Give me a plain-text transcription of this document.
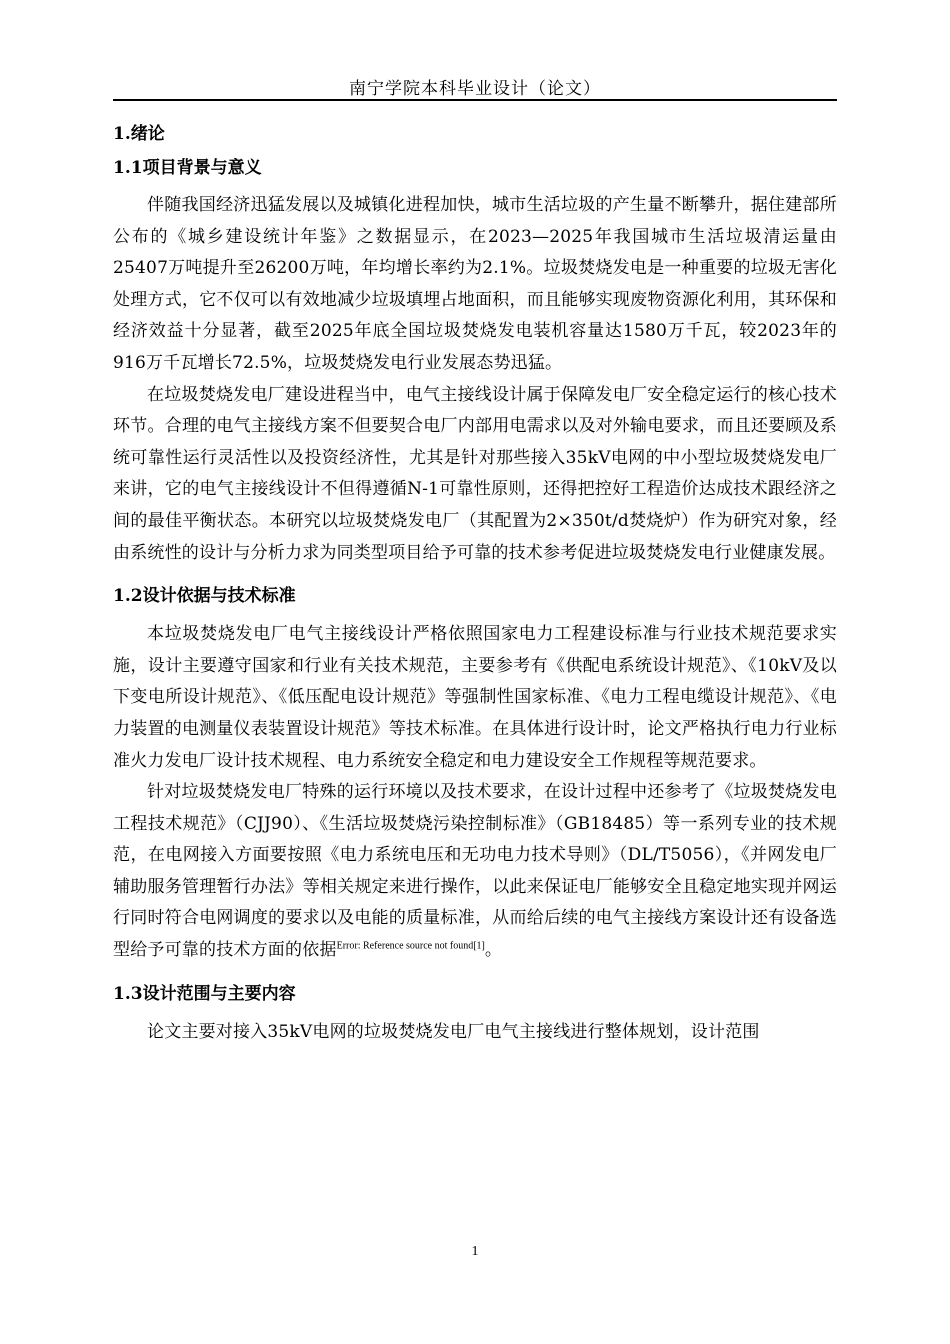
南宁学院本科毕业设计（论文）
1.绪论
1.1项目背景与意义

伴随我国经济迅猛发展以及城镇化进程加快，城市生活垃圾的产生量不断攀升，据住建部所公布的《城乡建设统计年鉴》之数据显示，在2023—2025年我国城市生活垃圾清运量由25407万吨提升至26200万吨，年均增长率约为2.1%。垃圾焚烧发电是一种重要的垃圾无害化处理方式，它不仅可以有效地减少垃圾填埋占地面积，而且能够实现废物资源化利用，其环保和经济效益十分显著，截至2025年底全国垃圾焚烧发电装机容量达1580万千瓦，较2023年的916万千瓦增长72.5%，垃圾焚烧发电行业发展态势迅猛。

在垃圾焚烧发电厂建设进程当中，电气主接线设计属于保障发电厂安全稳定运行的核心技术环节。合理的电气主接线方案不但要契合电厂内部用电需求以及对外输电要求，而且还要顾及系统可靠性运行灵活性以及投资经济性，尤其是针对那些接入35kV电网的中小型垃圾焚烧发电厂来讲，它的电气主接线设计不但得遵循N-1可靠性原则，还得把控好工程造价达成技术跟经济之间的最佳平衡状态。本研究以垃圾焚烧发电厂（其配置为2×350t/d焚烧炉）作为研究对象，经由系统性的设计与分析力求为同类型项目给予可靠的技术参考促进垃圾焚烧发电行业健康发展。

1.2设计依据与技术标准

本垃圾焚烧发电厂电气主接线设计严格依照国家电力工程建设标准与行业技术规范要求实施，设计主要遵守国家和行业有关技术规范，主要参考有《供配电系统设计规范》、《10kV及以下变电所设计规范》、《低压配电设计规范》等强制性国家标准、《电力工程电缆设计规范》、《电力装置的电测量仪表装置设计规范》等技术标准。在具体进行设计时，论文严格执行电力行业标准火力发电厂设计技术规程、电力系统安全稳定和电力建设安全工作规程等规范要求。

针对垃圾焚烧发电厂特殊的运行环境以及技术要求，在设计过程中还参考了《垃圾焚烧发电工程技术规范》（CJJ90）、《生活垃圾焚烧污染控制标准》（GB18485）等一系列专业的技术规范，在电网接入方面要按照《电力系统电压和无功电力技术导则》（DL/T5056），《并网发电厂辅助服务管理暂行办法》等相关规定来进行操作，以此来保证电厂能够安全且稳定地实现并网运行同时符合电网调度的要求以及电能的质量标准，从而给后续的电气主接线方案设计还有设备选型给予可靠的技术方面的依据$^{Error: Reference source not found[1]}$。

1.3设计范围与主要内容

论文主要对接入35kV电网的垃圾焚烧发电厂电气主接线进行整体规划，设计范围

1
